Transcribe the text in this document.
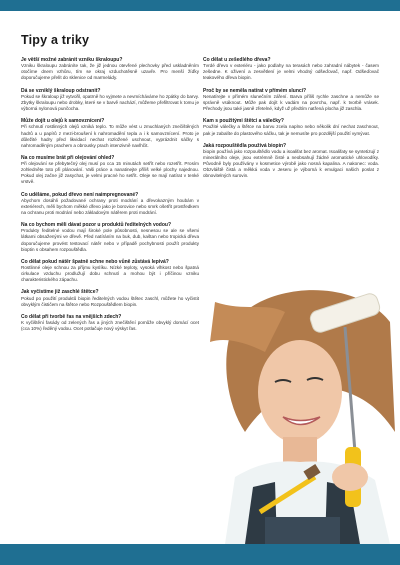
Tipy a triky

Je větší možné zabránit vzniku škraloupu?

Vzniku škraloupu zabráníte tak, že již jednou otevřené plechovky před uskladněním otočíme dnem vzhůru, tím se okraj vzduchotěsně uzavře. Pro menší žíďky doporučujeme přelít do sklenice od marmelády.

Dá se vzniklý škraloup odstranit?

Pokud se škraloup již vytvořil, opatrně ho vyjmete a nevmícháváme ho zpátky do barvy. Zbytky škraloupu nebo drobky, které se v barvě nachází, můžeme přefiltrovat k tomu je výborná nylonová punčocha.

Může dojít u olejů k samovznícení?

Při schnutí rostlinných olejů vzniká teplo. To může vést u zmuchlaných znečištěných hadrů a u papírů z mezi-broušení k nahromadění tepla a i k samovznícení. Proto je důležité hadry před likvidací nechat rozložené uschnout, vyprázdnit sáčky s nahromaděným prachem a obrousky prach intenzivně navlhčit.

Na co musíme brát při olejování ohled?

Při olejování se přebytečný olej musí po cca 15 minutách setřít nebo rozetřít. Prosím zohledněte toto při plánování. Vaši práce a nanatinejte příliš velké plochy najednou. Pokud olej začne již zasychat, je velmi pracné ho setřít. Oleje se mají natírat v tenké vrstvě.

Co uděláme, pokud dřevo není naimpregnované?

Abychom dosáhli požadované ochrany proti modrání a dřevokazným houbám v exteriérech, měli bychom měkké dřevo jako je borovice nebo smrk ošetřit prostředkem na ochranu proti modrání nebo základovým nátěrem proti modrání.

Na co bychom měli dávat pozor u produktů ředitelných vodou?

Produkty ředitelné vodou mají široké pole působnosti, nesnesou se ale se všemi látkami obsaženými ve dřevě. Před natíráním na buk, dub, kaštan nebo tropická dřeva doporučujeme provést testovací nátěr nebo v případě pochybnosti použít produkty bioptin s obsahem rozpouštědla.

Co dělat pokud nátěr špatně schne nebo vůně zůstává lepivá?

Rostlinné oleje schnou za příjmu kyslíku. Nízké teploty, vysoká vlhkost nebo špatná cirkulace vzduchu prodlužují dobu schnutí a mohou být i příčinou vzniku charakteristického zápachu.

Jak vyčistíme již zaschlé štětce?

Pokud po použití produktů biopin ředitelných vodou štětec zaschl, můžete ho vyčistit obvyklým čističem na štětce nebo Rozpouštědlem biopin.

Co dělat při tvorbě řas na vnějších zdech?

K vyčištění fasády od zelených řas a jiných znečištění pomůže obvyklý domácí ocet (cca 10%) ředěný vodou. Ocet potlačuje nový výskyt řas.

Co dělat u zešedlého dřeva?

Tvrdé dřevo v exteriéru - jako podlahy na terasách nebo zahradní nábytek - časem zešedne. K oživení a zesvětlení je velmi vhodný odšeďovač, např. Odšeďovač teakového dřeva biopin.

Proč by se neměla natírat v přímém slunci?

Nenatírejte v přímém slunečním záření. Barva příliš rychle zaschne a nemůže se správně vsáknout. Může pak dojít k vadám na povrchu, např. k tvorbě vrásek. Přechody jsou také jasně zřetelné, když už předtím natřená plocha již zaschla.

Kam s použitými štětci a válečky?

Použité válečky a štětce na barvu zcela naplno nebo několik dní nechat zaschnout, pak je zabalíte do plastového sáčku, tak je nemusíte pro pozdější použití vymývat.

Jaká rozpouštědla používá biopin?

biopin používá jako rozpouštědlo vodu a isoalifat bez aromat. Isoalifaty se syntetizují z minerálního oleje, jsou extrémně čisté a neobsahují žádné aromatické uhlovodíky. Původně byly používány v kosmetice výrobě jako nosná kapalina. A nakonec: voda. Obzvláště čistá a měkká voda v Jeseru je výborná k emulgaci našich poslat z obnovitelných surovin.
